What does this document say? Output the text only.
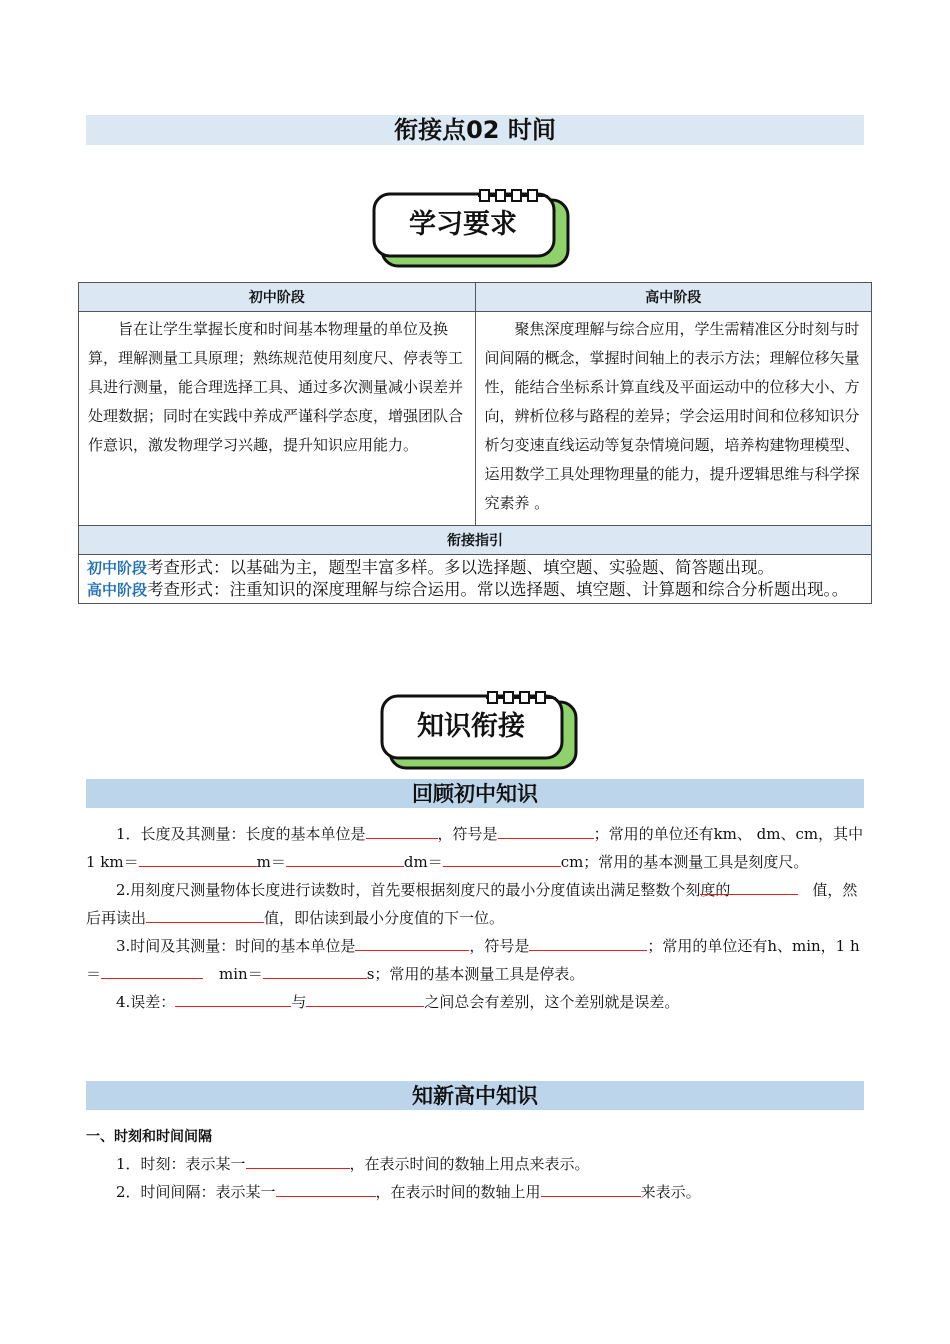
衔接点02 时间
学习要求
初中阶段	高中阶段

旨在让学生掌握长度和时间基本物理量的单位及换算，理解测量工具原理；熟练规范使用刻度尺、停表等工具进行测量，能合理选择工具、通过多次测量减小误差并处理数据；同时在实践中养成严谨科学态度，增强团队合作意识，激发物理学习兴趣，提升知识应用能力。	聚焦深度理解与综合应用，学生需精准区分时刻与时间间隔的概念，掌握时间轴上的表示方法；理解位移矢量性，能结合坐标系计算直线及平面运动中的位移大小、方向，辨析位移与路程的差异；学会运用时间和位移知识分析匀变速直线运动等复杂情境问题，培养构建物理模型、运用数学工具处理物理量的能力，提升逻辑思维与科学探究素养 。

衔接指引	

初中阶段考查形式：以基础为主，题型丰富多样。多以选择题、填空题、实验题、简答题出现。
高中阶段考查形式：注重知识的深度理解与综合运用。常以选择题、填空题、计算题和综合分析题出现。。	
知识衔接
回顾初中知识

1．长度及其测量：长度的基本单位是	，符号是	；常用的单位还有km、 dm、cm，其中1 km＝	m＝	dm＝	cm；常用的基本测量工具是刻度尺。

2.用刻度尺测量物体长度进行读数时，首先要根据刻度尺的最小分度值读出满足整数个刻度的	值，然后再读出	值，即估读到最小分度值的下一位。

3.时间及其测量：时间的基本单位是	，符号是	；常用的单位还有h、min，1 h＝	min＝	s；常用的基本测量工具是停表。

4.误差：	与	之间总会有差别，这个差别就是误差。

知新高中知识
一、时刻和时间间隔

1．时刻：表示某一	，在表示时间的数轴上用点来表示。

2．时间间隔：表示某一	，在表示时间的数轴上用	来表示。
